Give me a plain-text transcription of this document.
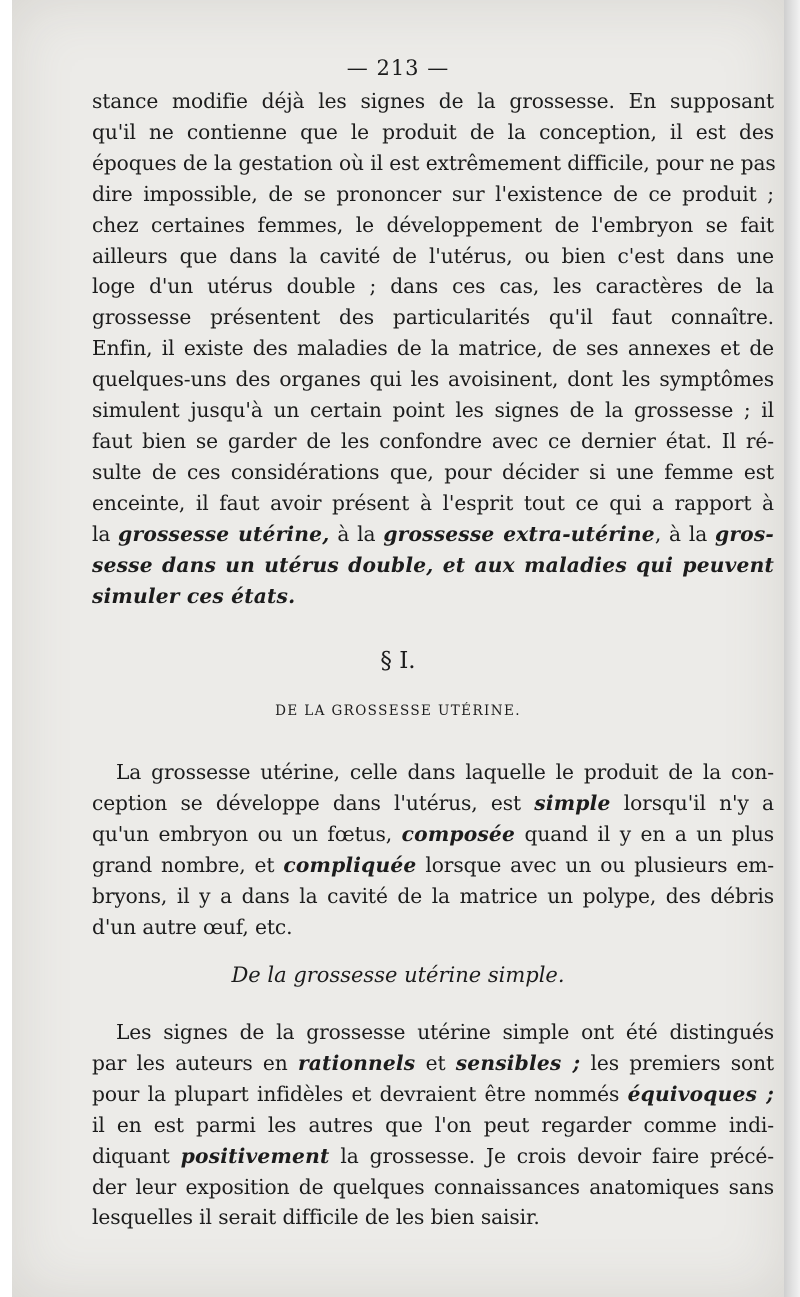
— 213 —
stance modifie déjà les signes de la grossesse. En supposant
qu'il ne contienne que le produit de la conception, il est des
époques de la gestation où il est extrêmement difficile, pour ne pas
dire impossible, de se prononcer sur l'existence de ce produit ;
chez certaines femmes, le développement de l'embryon se fait
ailleurs que dans la cavité de l'utérus, ou bien c'est dans une
loge d'un utérus double ; dans ces cas, les caractères de la
grossesse présentent des particularités qu'il faut connaître.
Enfin, il existe des maladies de la matrice, de ses annexes et de
quelques-uns des organes qui les avoisinent, dont les symptômes
simulent jusqu'à un certain point les signes de la grossesse ; il
faut bien se garder de les confondre avec ce dernier état. Il ré-
sulte de ces considérations que, pour décider si une femme est
enceinte, il faut avoir présent à l'esprit tout ce qui a rapport à
la grossesse utérine, à la grossesse extra-utérine, à la gros-
sesse dans un utérus double, et aux maladies qui peuvent
simuler ces états.
§ I.
DE LA GROSSESSE UTÉRINE.
La grossesse utérine, celle dans laquelle le produit de la con-
ception se développe dans l'utérus, est simple lorsqu'il n'y a
qu'un embryon ou un fœtus, composée quand il y en a un plus
grand nombre, et compliquée lorsque avec un ou plusieurs em-
bryons, il y a dans la cavité de la matrice un polype, des débris
d'un autre œuf, etc.
De la grossesse utérine simple.
Les signes de la grossesse utérine simple ont été distingués
par les auteurs en rationnels et sensibles ; les premiers sont
pour la plupart infidèles et devraient être nommés équivoques ;
il en est parmi les autres que l'on peut regarder comme indi-
diquant positivement la grossesse. Je crois devoir faire précé-
der leur exposition de quelques connaissances anatomiques sans
lesquelles il serait difficile de les bien saisir.
